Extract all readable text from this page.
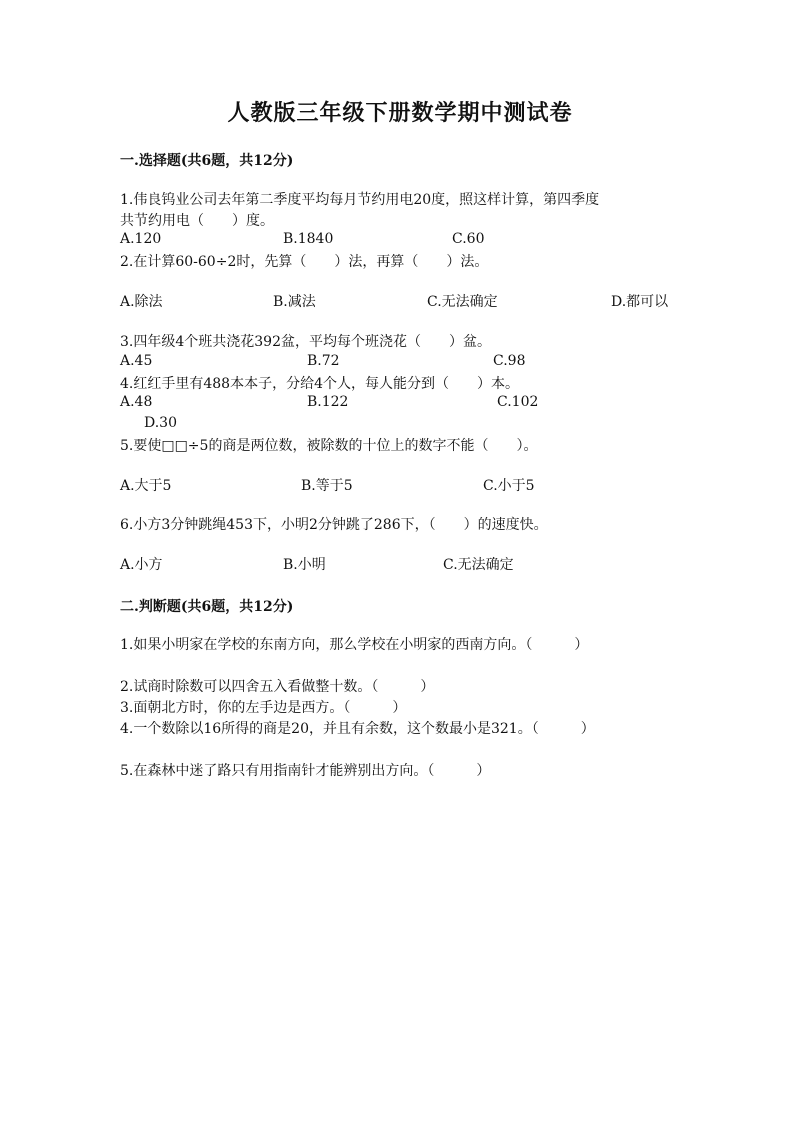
人教版三年级下册数学期中测试卷
一.选择题(共6题，共12分)
1.伟良钨业公司去年第二季度平均每月节约用电20度，照这样计算，第四季度
共节约用电（　　）度。
A.120	B.1840	C.60
2.在计算60-60÷2时，先算（　　）法，再算（　　）法。
A.除法	B.减法	C.无法确定	D.都可以
3.四年级4个班共浇花392盆，平均每个班浇花（　　）盆。
A.45	B.72	C.98
4.红红手里有488本本子，分给4个人，每人能分到（　　）本。
A.48	B.122	C.102
D.30
5.要使□□÷5的商是两位数，被除数的十位上的数字不能（　　）。
A.大于5	B.等于5	C.小于5
6.小方3分钟跳绳453下，小明2分钟跳了286下，（　　）的速度快。
A.小方	B.小明	C.无法确定
二.判断题(共6题，共12分)
1.如果小明家在学校的东南方向，那么学校在小明家的西南方向。（　　　）
2.试商时除数可以四舍五入看做整十数。（　　　）
3.面朝北方时，你的左手边是西方。（　　　）
4.一个数除以16所得的商是20，并且有余数，这个数最小是321。（　　　）
5.在森林中迷了路只有用指南针才能辨别出方向。（　　　）
